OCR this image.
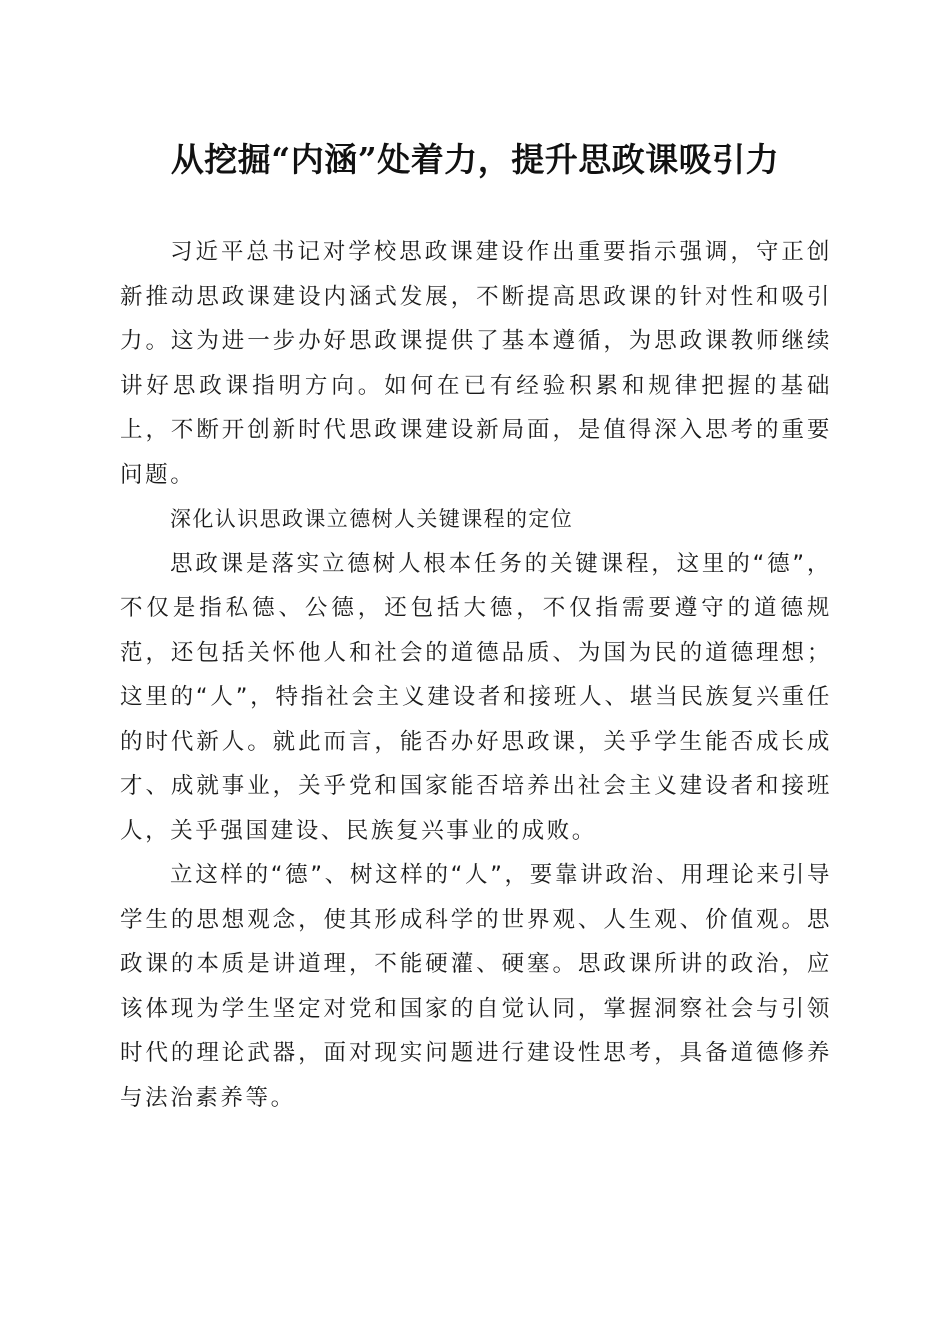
从挖掘“内涵”处着力，提升思政课吸引力

习近平总书记对学校思政课建设作出重要指示强调，守正创新推动思政课建设内涵式发展，不断提高思政课的针对性和吸引力。这为进一步办好思政课提供了基本遵循，为思政课教师继续讲好思政课指明方向。如何在已有经验积累和规律把握的基础上，不断开创新时代思政课建设新局面，是值得深入思考的重要问题。

深化认识思政课立德树人关键课程的定位

思政课是落实立德树人根本任务的关键课程，这里的“德”，不仅是指私德、公德，还包括大德，不仅指需要遵守的道德规范，还包括关怀他人和社会的道德品质、为国为民的道德理想；这里的“人”，特指社会主义建设者和接班人、堪当民族复兴重任的时代新人。就此而言，能否办好思政课，关乎学生能否成长成才、成就事业，关乎党和国家能否培养出社会主义建设者和接班人，关乎强国建设、民族复兴事业的成败。

立这样的“德”、树这样的“人”，要靠讲政治、用理论来引导学生的思想观念，使其形成科学的世界观、人生观、价值观。思政课的本质是讲道理，不能硬灌、硬塞。思政课所讲的政治，应该体现为学生坚定对党和国家的自觉认同，掌握洞察社会与引领时代的理论武器，面对现实问题进行建设性思考，具备道德修养与法治素养等。
